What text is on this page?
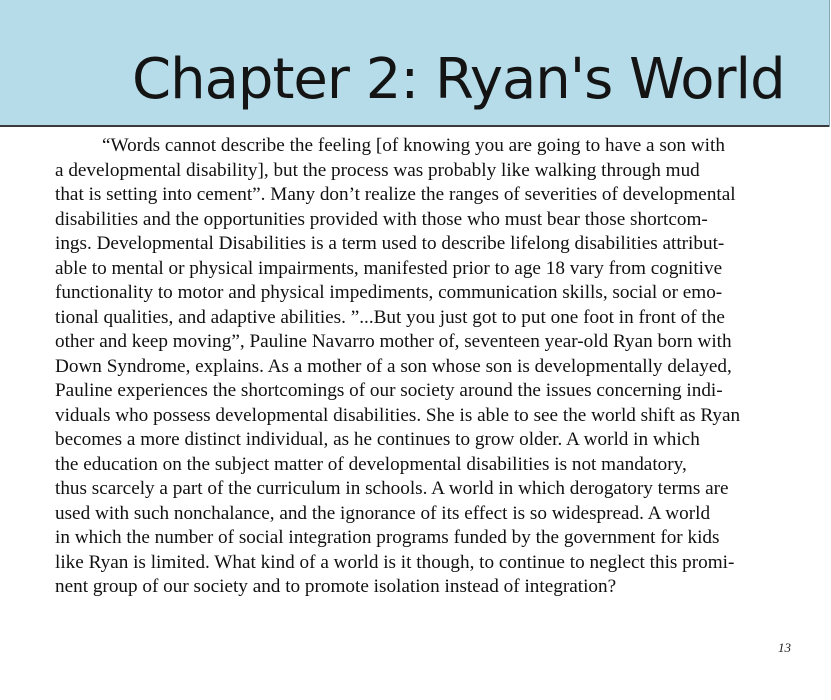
Chapter 2: Ryan's World

“Words cannot describe the feeling [of knowing you are going to have a son with
a developmental disability], but the process was probably like walking through mud
that is setting into cement”. Many don’t realize the ranges of severities of developmental
disabilities and the opportunities provided with those who must bear those shortcom-
ings. Developmental Disabilities is a term used to describe lifelong disabilities attribut-
able to mental or physical impairments, manifested prior to age 18 vary from cognitive
functionality to motor and physical impediments, communication skills, social or emo-
tional qualities, and adaptive abilities. ”...But you just got to put one foot in front of the
other and keep moving”, Pauline Navarro mother of, seventeen year-old Ryan born with
Down Syndrome, explains. As a mother of a son whose son is developmentally delayed,
Pauline experiences the shortcomings of our society around the issues concerning indi-
viduals who possess developmental disabilities. She is able to see the world shift as Ryan
becomes a more distinct individual, as he continues to grow older. A world in which
the education on the subject matter of developmental disabilities is not mandatory,
thus scarcely a part of the curriculum in schools. A world in which derogatory terms are
used with such nonchalance, and the ignorance of its effect is so widespread. A world
in which the number of social integration programs funded by the government for kids
like Ryan is limited. What kind of a world is it though, to continue to neglect this promi-
nent group of our society and to promote isolation instead of integration?

13
